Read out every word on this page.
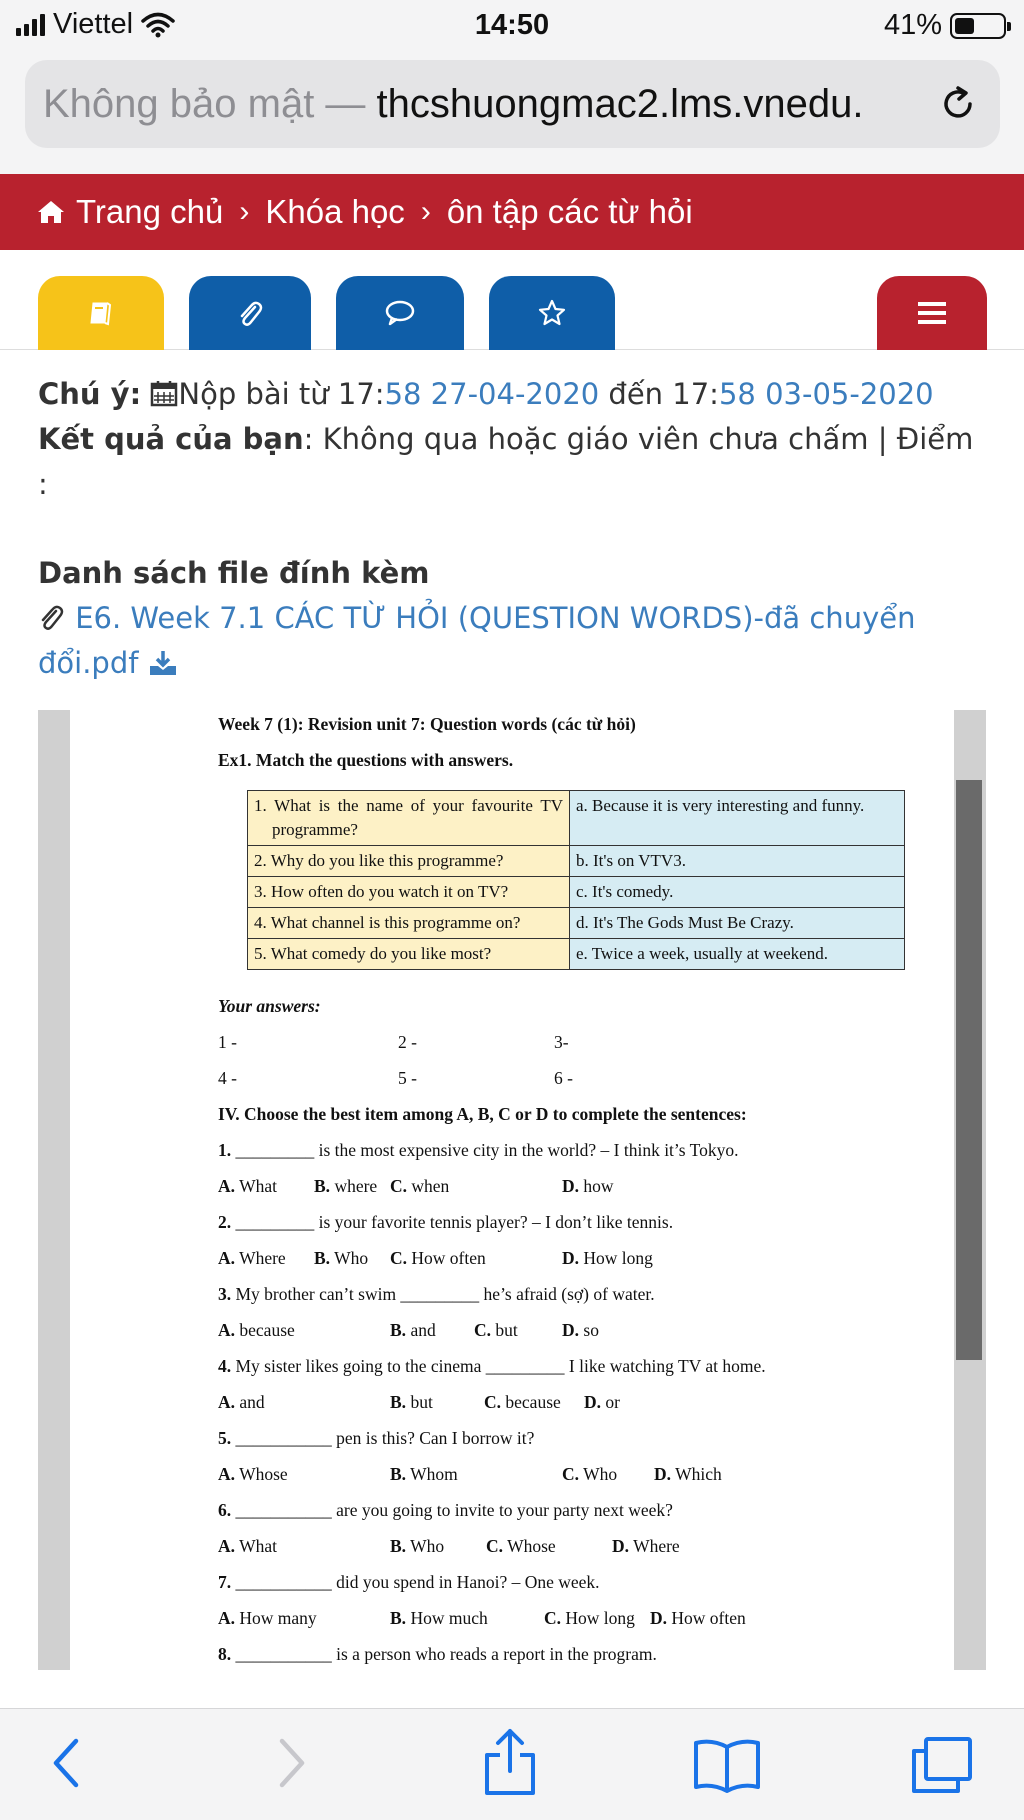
Viettel	14:50	41%
Không bảo mật — thcshuongmac2.lms.vnedu.
Trang chủ › Khóa học › ôn tập các từ hỏi
Chú ý: Nộp bài từ 17:58 27-04-2020 đến 17:58 03-05-2020
Kết quả của bạn: Không qua hoặc giáo viên chưa chấm | Điểm
:
Danh sách file đính kèm
E6. Week 7.1 CÁC TỪ HỎI (QUESTION WORDS)-đã chuyển đổi.pdf
Week 7 (1): Revision unit 7: Question words (các từ hỏi)
Ex1. Match the questions with answers.
1. What is the name of your favourite TV programme?	a. Because it is very interesting and funny.

2. Why do you like this programme?	b. It's on VTV3.
3. How often do you watch it on TV?	c. It's comedy.
4. What channel is this programme on?	d. It's The Gods Must Be Crazy.
5. What comedy do you like most?	e. Twice a week, usually at weekend.
Your answers:
1 -	2 -	3-
4 -	5 -	6 -
IV. Choose the best item among A, B, C or D to complete the sentences:
1. _________ is the most expensive city in the world? – I think it’s Tokyo.
A. What B. where C. when	D. how
2. _________ is your favorite tennis player? – I don’t like tennis.
A. Where B. Who C. How often	D. How long
3. My brother can’t swim _________ he’s afraid (sợ) of water.
A. because	B. and C. but	D. so
4. My sister likes going to the cinema _________ I like watching TV at home.
A. and	B. but	C. because D. or
5. ___________ pen is this? Can I borrow it?
A. Whose	B. Whom	C. Who D. Which
6. ___________ are you going to invite to your party next week?
A. What	B. Who C. Whose	D. Where
7. ___________ did you spend in Hanoi? – One week.
A. How many	B. How much	C. How long D. How often
8. ___________ is a person who reads a report in the program.
